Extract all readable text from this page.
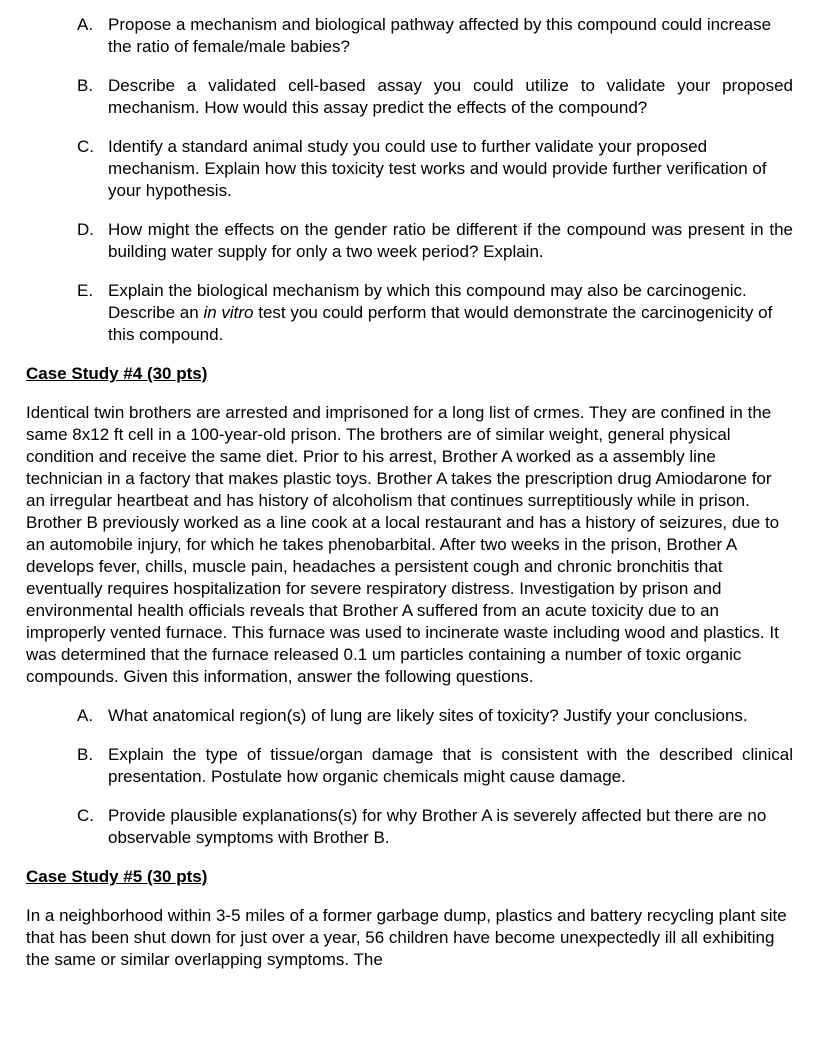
A. Propose a mechanism and biological pathway affected by this compound could increase the ratio of female/male babies?
B. Describe a validated cell-based assay you could utilize to validate your proposed mechanism. How would this assay predict the effects of the compound?
C. Identify a standard animal study you could use to further validate your proposed mechanism. Explain how this toxicity test works and would provide further verification of your hypothesis.
D. How might the effects on the gender ratio be different if the compound was present in the building water supply for only a two week period? Explain.
E. Explain the biological mechanism by which this compound may also be carcinogenic. Describe an in vitro test you could perform that would demonstrate the carcinogenicity of this compound.
Case Study #4 (30 pts)

Identical twin brothers are arrested and imprisoned for a long list of crmes. They are confined in the same 8x12 ft cell in a 100-year-old prison. The brothers are of similar weight, general physical condition and receive the same diet. Prior to his arrest, Brother A worked as a assembly line technician in a factory that makes plastic toys. Brother A takes the prescription drug Amiodarone for an irregular heartbeat and has history of alcoholism that continues surreptitiously while in prison. Brother B previously worked as a line cook at a local restaurant and has a history of seizures, due to an automobile injury, for which he takes phenobarbital. After two weeks in the prison, Brother A develops fever, chills, muscle pain, headaches a persistent cough and chronic bronchitis that eventually requires hospitalization for severe respiratory distress. Investigation by prison and environmental health officials reveals that Brother A suffered from an acute toxicity due to an improperly vented furnace. This furnace was used to incinerate waste including wood and plastics. It was determined that the furnace released 0.1 um particles containing a number of toxic organic compounds. Given this information, answer the following questions.

A. What anatomical region(s) of lung are likely sites of toxicity? Justify your conclusions.
B. Explain the type of tissue/organ damage that is consistent with the described clinical presentation. Postulate how organic chemicals might cause damage.
C. Provide plausible explanations(s) for why Brother A is severely affected but there are no observable symptoms with Brother B.
Case Study #5 (30 pts)

In a neighborhood within 3-5 miles of a former garbage dump, plastics and battery recycling plant site that has been shut down for just over a year, 56 children have become unexpectedly ill all exhibiting the same or similar overlapping symptoms. The
